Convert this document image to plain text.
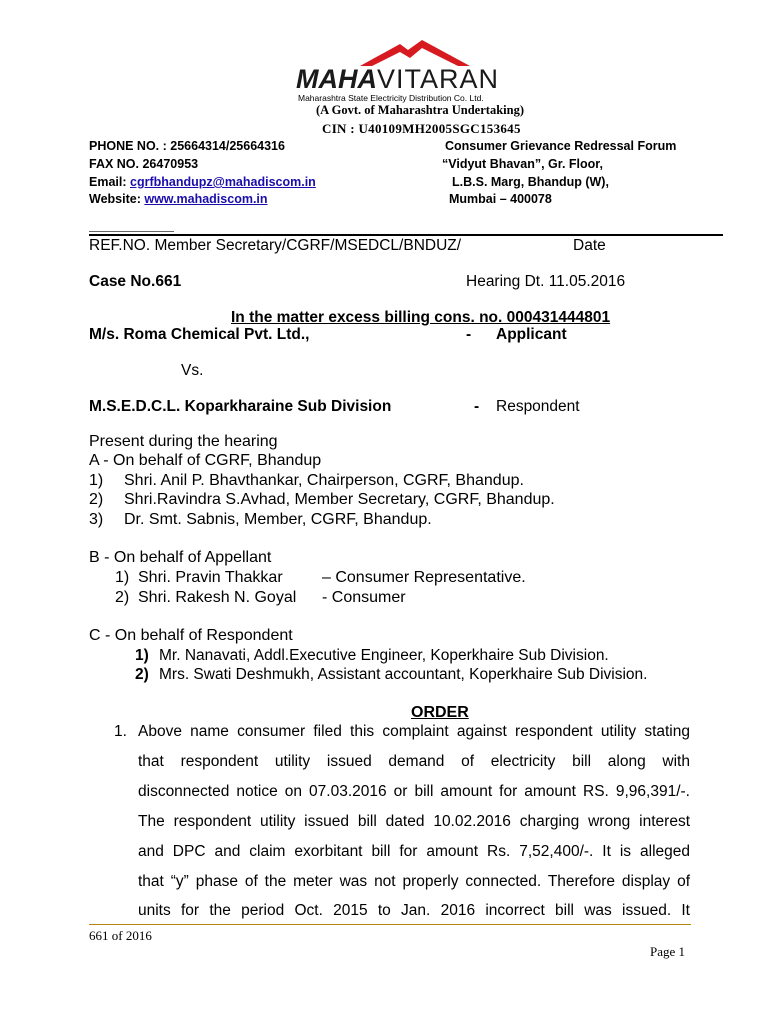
MAHAVITARAN
Maharashtra State Electricity Distribution Co. Ltd.
(A Govt. of Maharashtra Undertaking)
CIN : U40109MH2005SGC153645
PHONE NO. : 25664314/25664316
FAX NO. 26470953
Email: cgrfbhandupz@mahadiscom.in
Website: www.mahadiscom.in
Consumer Grievance Redressal Forum
“Vidyut Bhavan”, Gr. Floor,
L.B.S. Marg, Bhandup (W),
Mumbai – 400078
REF.NO. Member Secretary/CGRF/MSEDCL/BNDUZ/	Date
Case No.661	Hearing Dt. 11.05.2016
In the matter excess billing cons. no. 000431444801
M/s. Roma Chemical Pvt. Ltd.,	- Applicant
Vs.
M.S.E.D.C.L. Koparkharaine Sub Division	- Respondent
Present during the hearing
A - On behalf of CGRF, Bhandup
1) Shri. Anil P. Bhavthankar, Chairperson, CGRF, Bhandup.
2) Shri.Ravindra S.Avhad, Member Secretary, CGRF, Bhandup.
3) Dr. Smt. Sabnis, Member, CGRF, Bhandup.
B - On behalf of Appellant
1) Shri. Pravin Thakkar – Consumer Representative.
2) Shri. Rakesh N. Goyal - Consumer
C - On behalf of Respondent
1) Mr. Nanavati, Addl.Executive Engineer, Koperkhaire Sub Division.
2) Mrs. Swati Deshmukh, Assistant accountant, Koperkhaire Sub Division.
ORDER
1. Above name consumer filed this complaint against respondent utility stating
that respondent utility issued demand of electricity bill along with
disconnected notice on 07.03.2016 or bill amount for amount RS. 9,96,391/-.
The respondent utility issued bill dated 10.02.2016 charging wrong interest
and DPC and claim exorbitant bill for amount Rs. 7,52,400/-. It is alleged
that “y” phase of the meter was not properly connected. Therefore display of
units for the period Oct. 2015 to Jan. 2016 incorrect bill was issued. It
661 of 2016
Page 1
